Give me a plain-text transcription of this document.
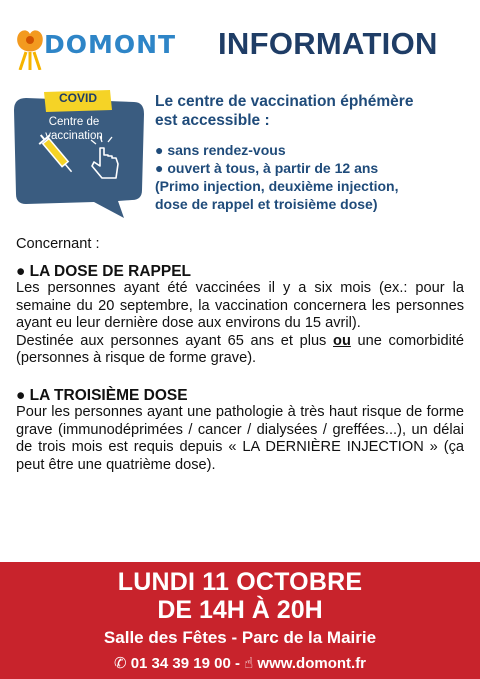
DOMONT INFORMATION
COVID
Centre de
vaccination
Le centre de vaccination éphémère
est accessible :
● sans rendez-vous
● ouvert à tous, à partir de 12 ans
(Primo injection, deuxième injection,
dose de rappel et troisième dose)

Concernant :

● LA DOSE DE RAPPEL

Les personnes ayant été vaccinées il y a six mois (ex.: pour la semaine du 20 septembre, la vaccination concernera les personnes ayant eu leur dernière dose aux environs du 15 avril).

Destinée aux personnes ayant 65 ans et plus ou une comorbidité (personnes à risque de forme grave).

● LA TROISIÈME DOSE

Pour les personnes ayant une pathologie à très haut risque de forme grave (immunodéprimées / cancer / dialysées / greffées...), un délai de trois mois est requis depuis « LA DERNIÈRE INJECTION » (ça peut être une quatrième dose).

LUNDI 11 OCTOBRE
DE 14H À 20H
Salle des Fêtes - Parc de la Mairie
✆ 01 34 39 19 00 - ☝ www.domont.fr
